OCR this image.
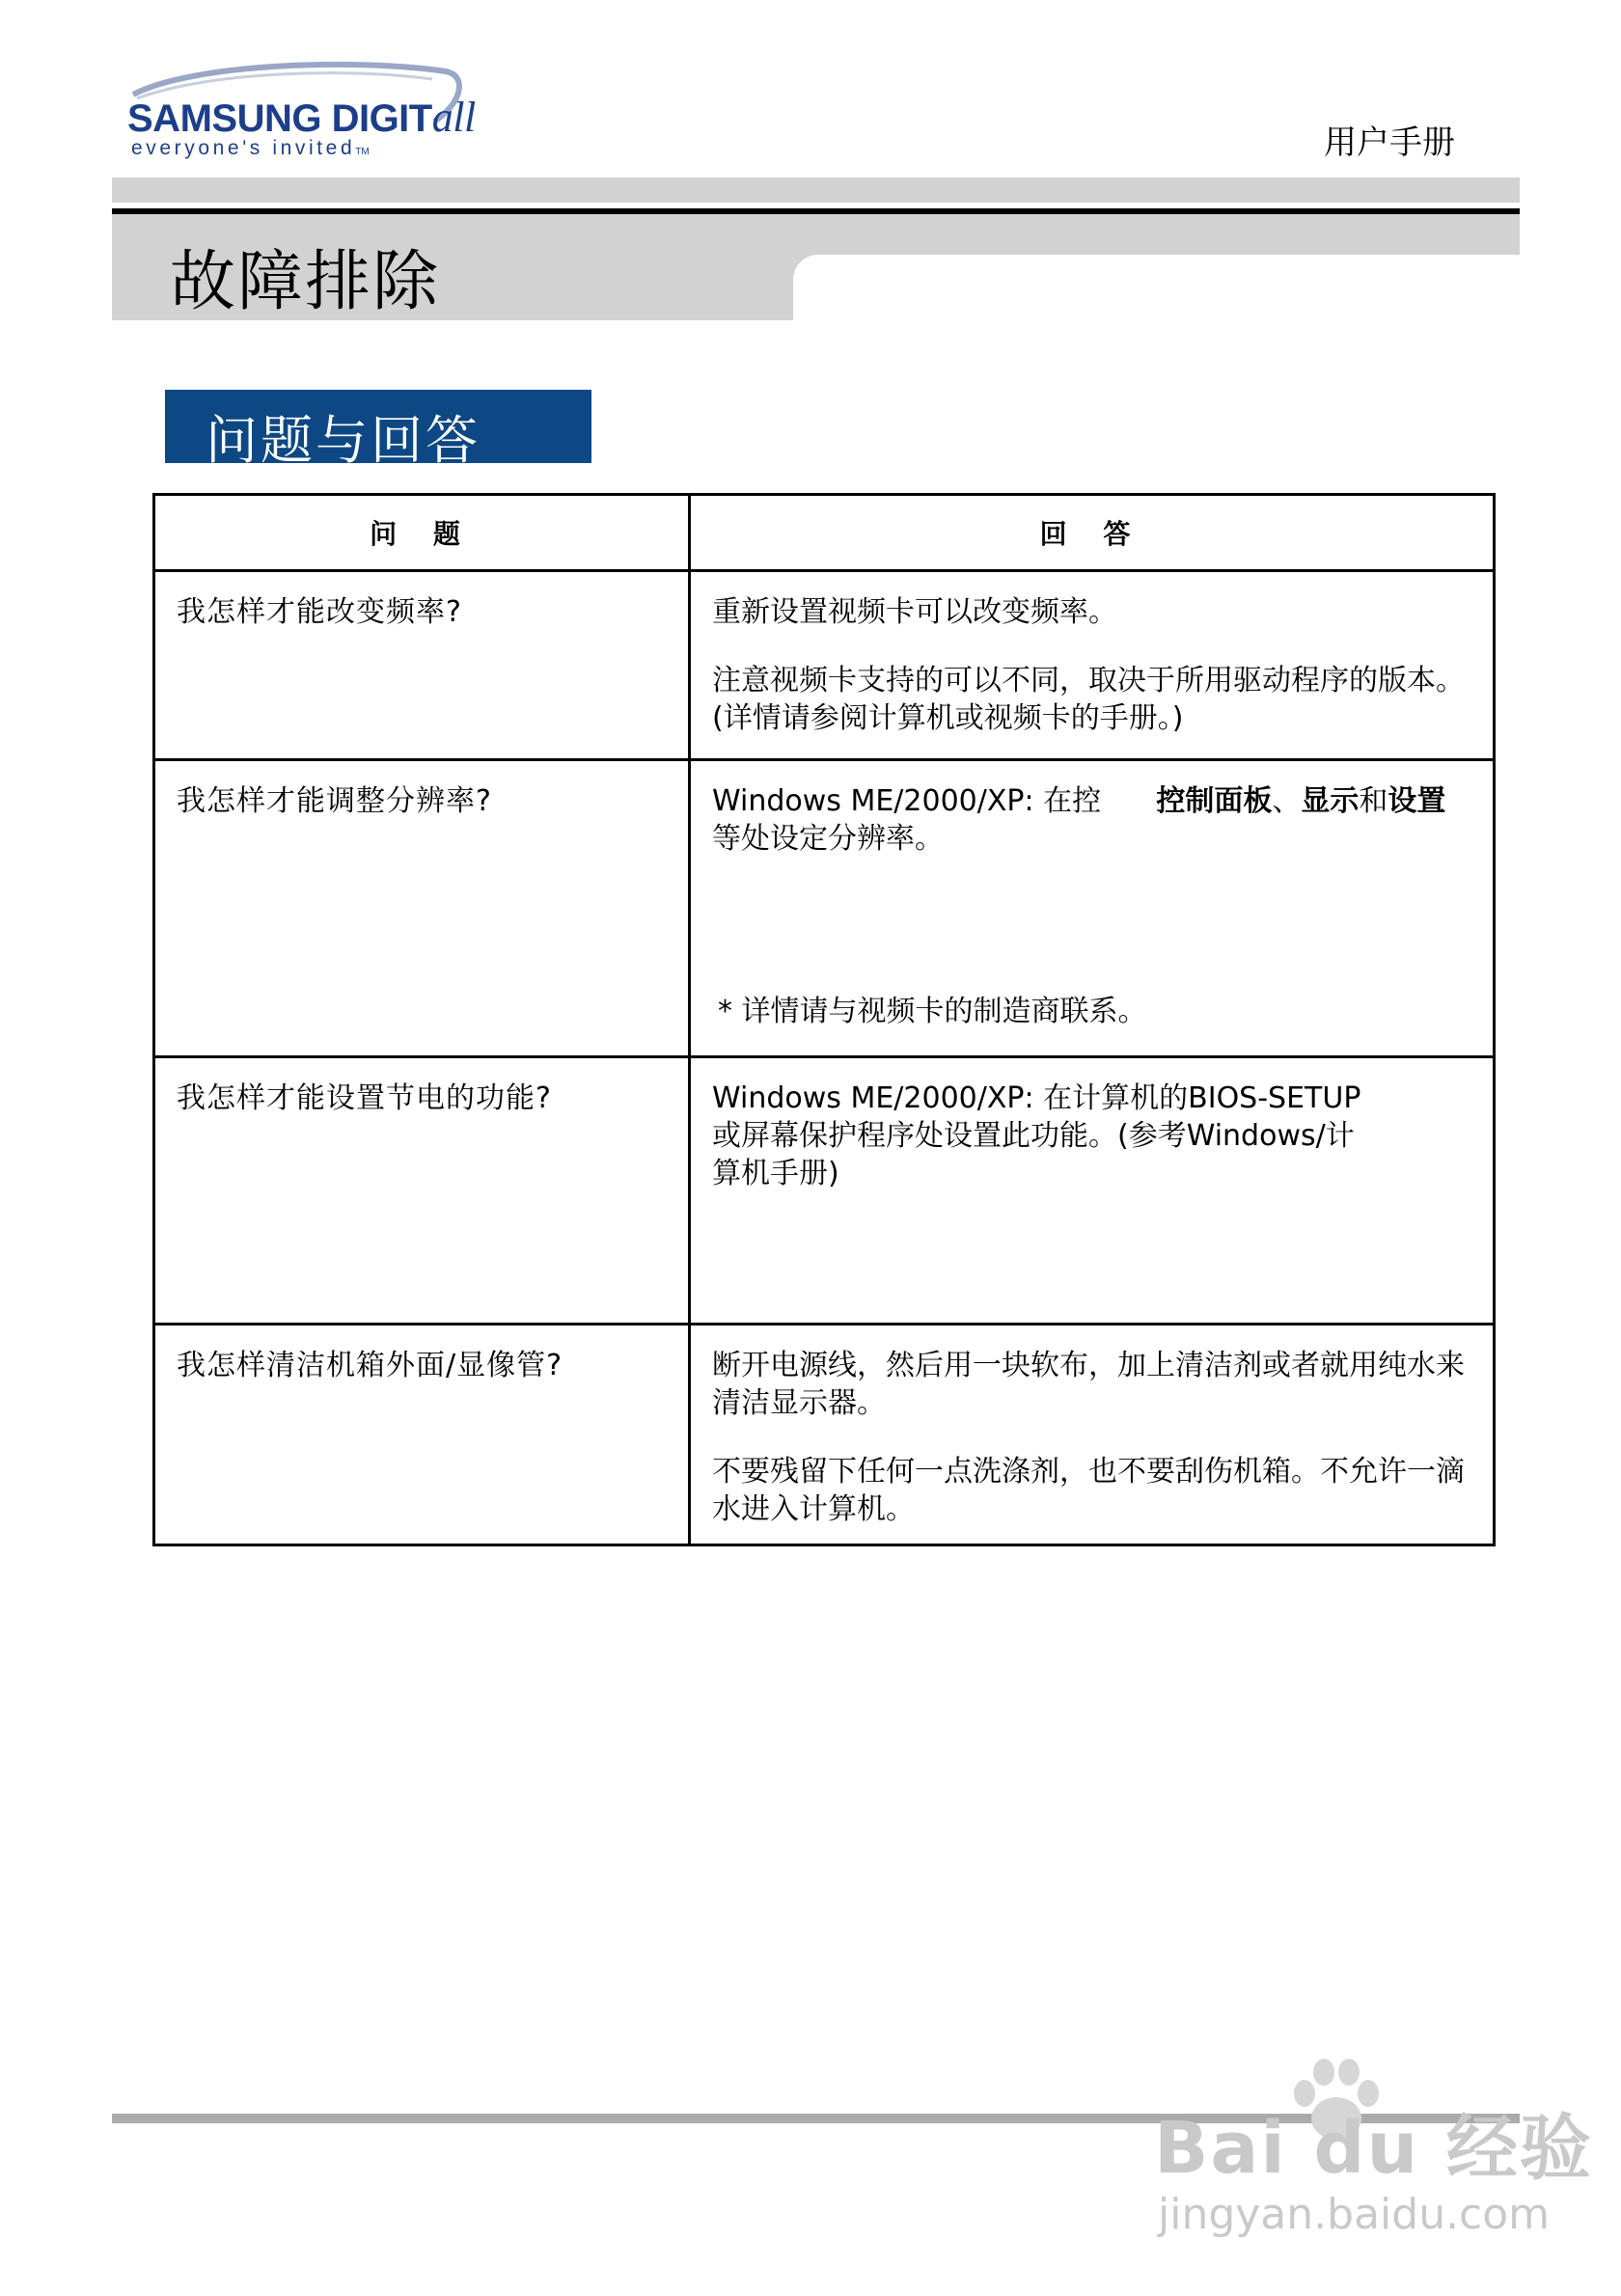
SAMSUNG DIGITall
everyone's invitedTM	用户手册
故障排除
问题与回答
问 题	回 答

我怎样才能改变频率?	重新设置视频卡可以改变频率。

注意视频卡支持的可以不同，取决于所用驱动程序的版本。(详情请参阅计算机或视频卡的手册。)

我怎样才能调整分辨率?	Windows ME/2000/XP: 在控 控制面板、显示和设置等处设定分辨率。

* 详情请与视频卡的制造商联系。

我怎样才能设置节电的功能?	Windows ME/2000/XP: 在计算机的BIOS-SETUP或屏幕保护程序处设置此功能。(参考Windows/计算机手册)

我怎样清洁机箱外面/显像管?	断开电源线，然后用一块软布，加上清洁剂或者就用纯水来清洁显示器。

不要残留下任何一点洗涤剂，也不要刮伤机箱。不允许一滴水进入计算机。

Bai du 经验
jingyan.baidu.com
